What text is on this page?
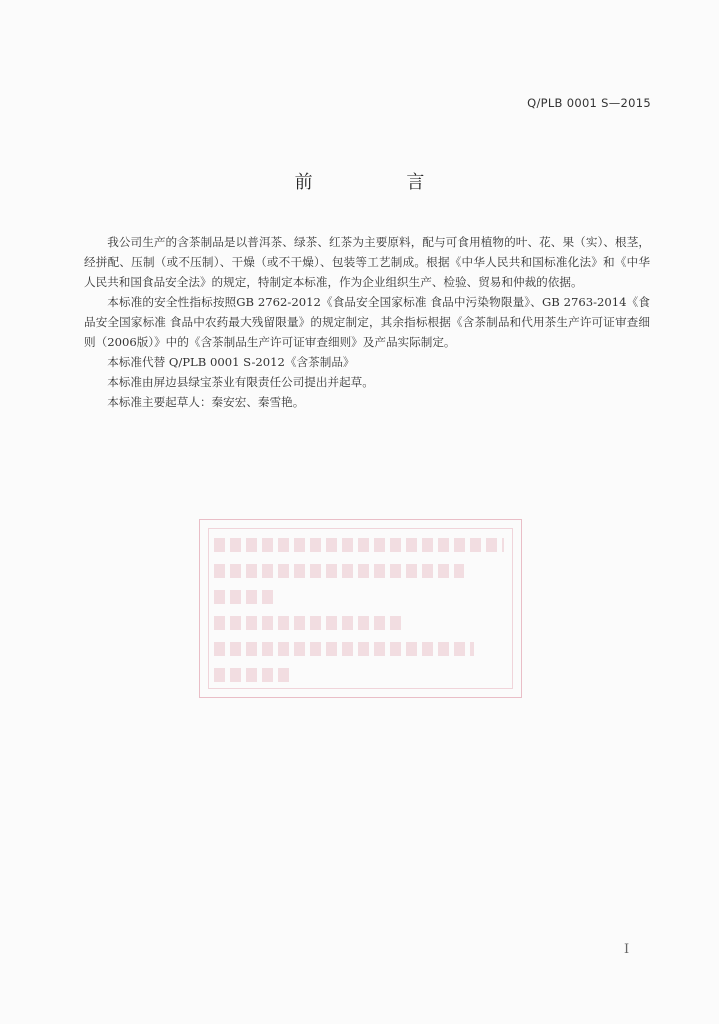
Q/PLB 0001 S—2015
前 言

我公司生产的含茶制品是以普洱茶、绿茶、红茶为主要原料，配与可食用植物的叶、花、果（实）、根茎，经拼配、压制（或不压制）、干燥（或不干燥）、包装等工艺制成。根据《中华人民共和国标准化法》和《中华人民共和国食品安全法》的规定，特制定本标准，作为企业组织生产、检验、贸易和仲裁的依据。

本标准的安全性指标按照GB 2762-2012《食品安全国家标准 食品中污染物限量》、GB 2763-2014《食品安全国家标准 食品中农药最大残留限量》的规定制定，其余指标根据《含茶制品和代用茶生产许可证审查细则（2006版）》中的《含茶制品生产许可证审查细则》及产品实际制定。

本标准代替 Q/PLB 0001 S-2012《含茶制品》

本标准由屏边县绿宝茶业有限责任公司提出并起草。

本标准主要起草人：秦安宏、秦雪艳。

I
